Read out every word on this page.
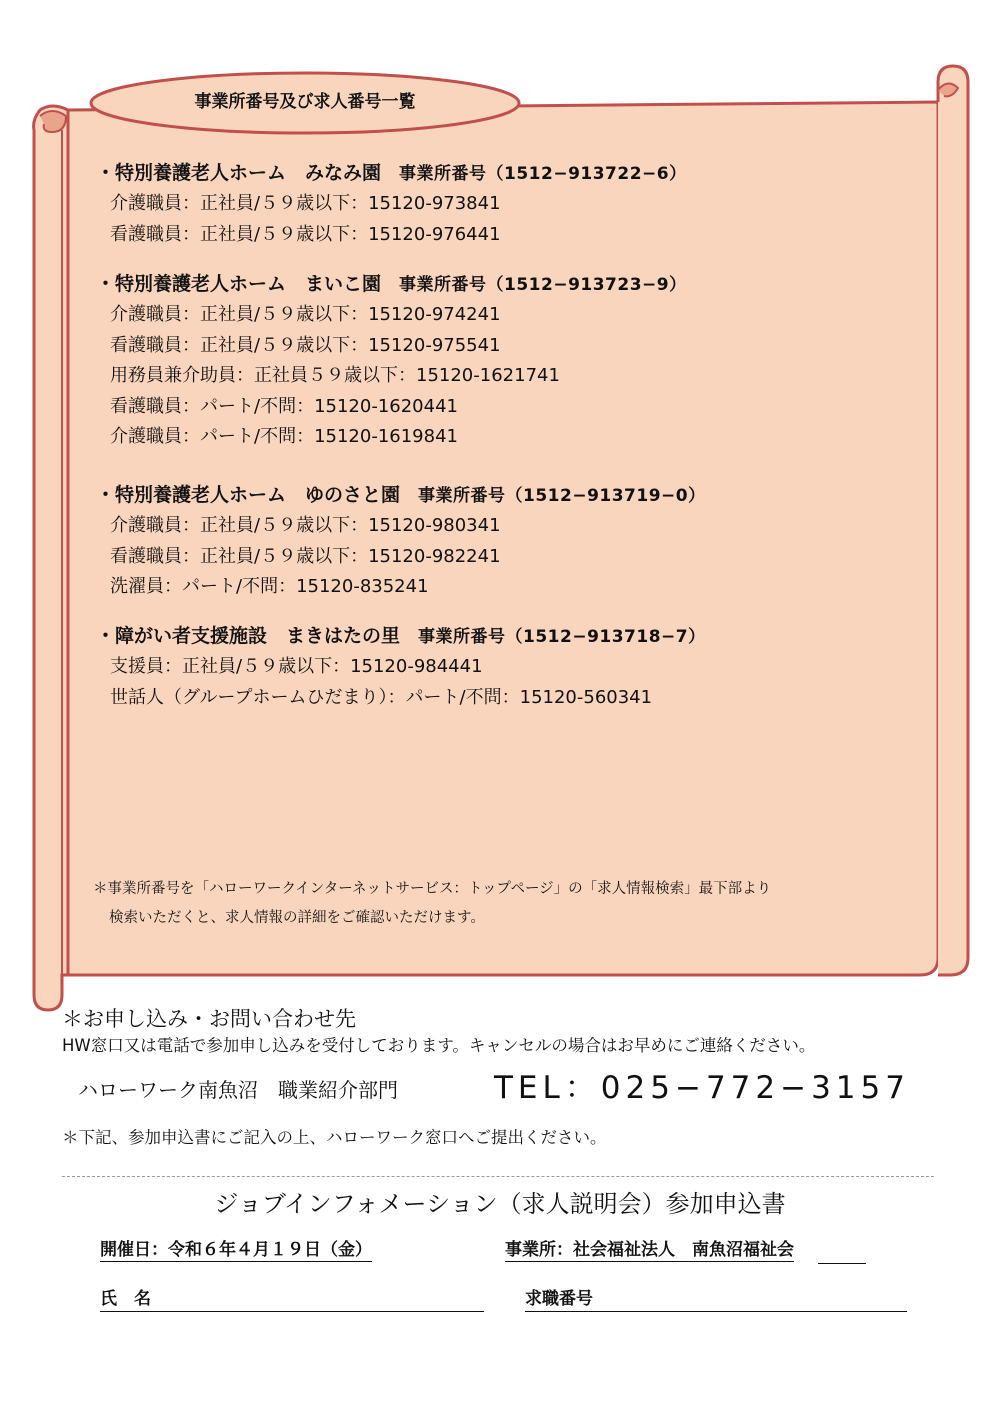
事業所番号及び求人番号一覧
・特別養護老人ホーム　みなみ園 事業所番号（1512−913722−6）
介護職員：正社員/５９歳以下：15120-973841
看護職員：正社員/５９歳以下：15120-976441
・特別養護老人ホーム　まいこ園 事業所番号（1512−913723−9）
介護職員：正社員/５９歳以下：15120-974241
看護職員：正社員/５９歳以下：15120-975541
用務員兼介助員：正社員５９歳以下：15120-1621741
看護職員：パート/不問：15120-1620441
介護職員：パート/不問：15120-1619841
・特別養護老人ホーム　ゆのさと園 事業所番号（1512−913719−0）
介護職員：正社員/５９歳以下：15120-980341
看護職員：正社員/５９歳以下：15120-982241
洗濯員：パート/不問：15120-835241
・障がい者支援施設　まきはたの里 事業所番号（1512−913718−7）
支援員：正社員/５９歳以下：15120-984441
世話人（グループホームひだまり）：パート/不問：15120-560341
＊事業所番号を「ハローワークインターネットサービス：トップページ」の「求人情報検索」最下部より
検索いただくと、求人情報の詳細をご確認いただけます。
＊お申し込み・お問い合わせ先
HW窓口又は電話で参加申し込みを受付しております。キャンセルの場合はお早めにご連絡ください。
ハローワーク南魚沼　職業紹介部門	TEL：025−772−3157
＊下記、参加申込書にご記入の上、ハローワーク窓口へご提出ください。
ジョブインフォメーション（求人説明会）参加申込書
開催日：令和６年４月１９日（金）	事業所：社会福祉法人　南魚沼福祉会
氏　名	求職番号
